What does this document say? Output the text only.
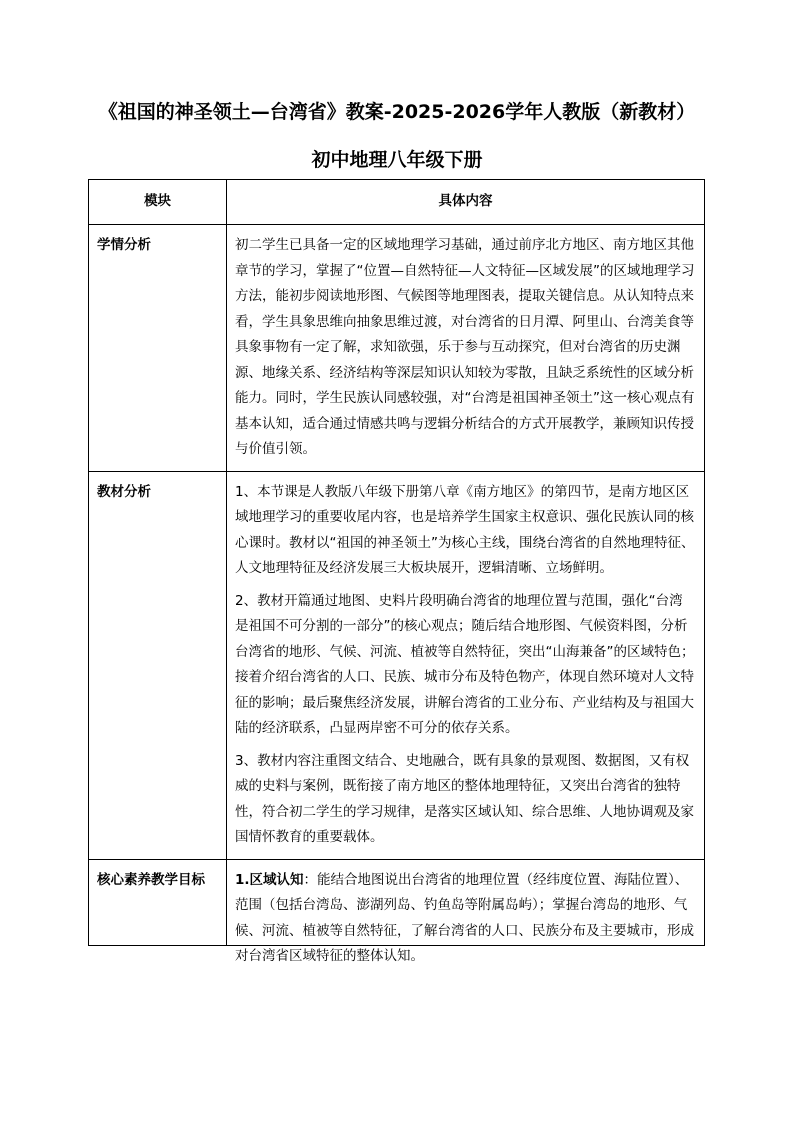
《祖国的神圣领土—台湾省》教案-2025-2026学年人教版（新教材）初中地理八年级下册
模块	具体内容
学情分析	初二学生已具备一定的区域地理学习基础，通过前序北方地区、南方地区其他章节的学习，掌握了“位置—自然特征—人文特征—区域发展”的区域地理学习方法，能初步阅读地形图、气候图等地理图表，提取关键信息。从认知特点来看，学生具象思维向抽象思维过渡，对台湾省的日月潭、阿里山、台湾美食等具象事物有一定了解，求知欲强，乐于参与互动探究，但对台湾省的历史渊源、地缘关系、经济结构等深层知识认知较为零散，且缺乏系统性的区域分析能力。同时，学生民族认同感较强，对“台湾是祖国神圣领土”这一核心观点有基本认知，适合通过情感共鸣与逻辑分析结合的方式开展教学，兼顾知识传授与价值引领。

教材分析	1、本节课是人教版八年级下册第八章《南方地区》的第四节，是南方地区区域地理学习的重要收尾内容，也是培养学生国家主权意识、强化民族认同的核心课时。教材以“祖国的神圣领土”为核心主线，围绕台湾省的自然地理特征、人文地理特征及经济发展三大板块展开，逻辑清晰、立场鲜明。

2、教材开篇通过地图、史料片段明确台湾省的地理位置与范围，强化“台湾是祖国不可分割的一部分”的核心观点；随后结合地形图、气候资料图，分析台湾省的地形、气候、河流、植被等自然特征，突出“山海兼备”的区域特色；接着介绍台湾省的人口、民族、城市分布及特色物产，体现自然环境对人文特征的影响；最后聚焦经济发展，讲解台湾省的工业分布、产业结构及与祖国大陆的经济联系，凸显两岸密不可分的依存关系。

3、教材内容注重图文结合、史地融合，既有具象的景观图、数据图，又有权威的史料与案例，既衔接了南方地区的整体地理特征，又突出台湾省的独特性，符合初二学生的学习规律，是落实区域认知、综合思维、人地协调观及家国情怀教育的重要载体。

核心素养教学目标	1.区域认知：能结合地图说出台湾省的地理位置（经纬度位置、海陆位置）、范围（包括台湾岛、澎湖列岛、钓鱼岛等附属岛屿）；掌握台湾岛的地形、气候、河流、植被等自然特征，了解台湾省的人口、民族分布及主要城市，形成对台湾省区域特征的整体认知。
